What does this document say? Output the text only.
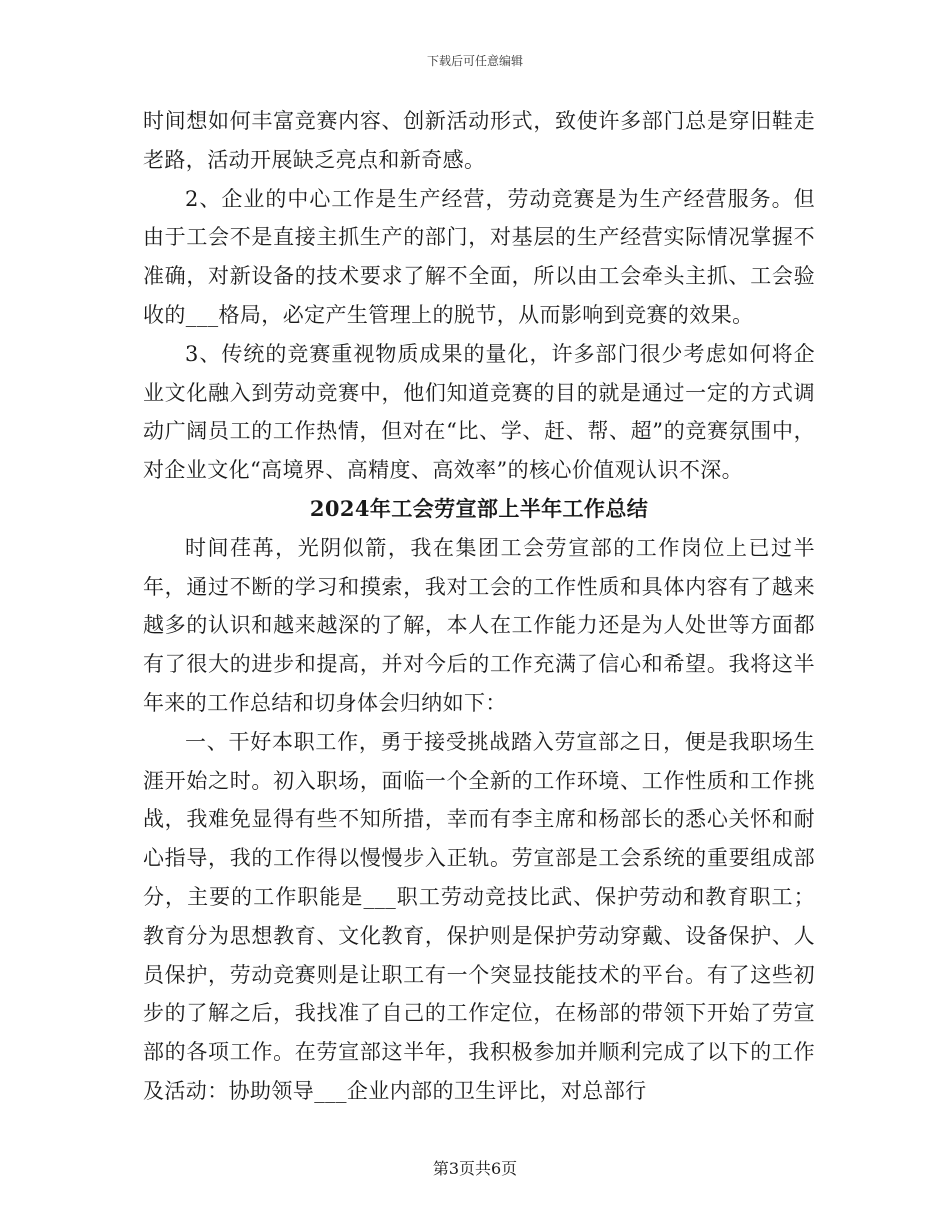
下载后可任意编辑

时间想如何丰富竞赛内容、创新活动形式，致使许多部门总是穿旧鞋走老路，活动开展缺乏亮点和新奇感。

2、企业的中心工作是生产经营，劳动竞赛是为生产经营服务。但由于工会不是直接主抓生产的部门，对基层的生产经营实际情况掌握不准确，对新设备的技术要求了解不全面，所以由工会牵头主抓、工会验收的___格局，必定产生管理上的脱节，从而影响到竞赛的效果。

3、传统的竞赛重视物质成果的量化，许多部门很少考虑如何将企业文化融入到劳动竞赛中，他们知道竞赛的目的就是通过一定的方式调动广阔员工的工作热情，但对在“比、学、赶、帮、超”的竞赛氛围中，对企业文化“高境界、高精度、高效率”的核心价值观认识不深。

2024年工会劳宣部上半年工作总结

时间荏苒，光阴似箭，我在集团工会劳宣部的工作岗位上已过半年，通过不断的学习和摸索，我对工会的工作性质和具体内容有了越来越多的认识和越来越深的了解，本人在工作能力还是为人处世等方面都有了很大的进步和提高，并对今后的工作充满了信心和希望。我将这半年来的工作总结和切身体会归纳如下：

一、干好本职工作，勇于接受挑战踏入劳宣部之日，便是我职场生涯开始之时。初入职场，面临一个全新的工作环境、工作性质和工作挑战，我难免显得有些不知所措，幸而有李主席和杨部长的悉心关怀和耐心指导，我的工作得以慢慢步入正轨。劳宣部是工会系统的重要组成部分，主要的工作职能是___职工劳动竞技比武、保护劳动和教育职工；教育分为思想教育、文化教育，保护则是保护劳动穿戴、设备保护、人员保护，劳动竞赛则是让职工有一个突显技能技术的平台。有了这些初步的了解之后，我找准了自己的工作定位，在杨部的带领下开始了劳宣部的各项工作。在劳宣部这半年，我积极参加并顺利完成了以下的工作及活动：协助领导___企业内部的卫生评比，对总部行

第3页共6页
